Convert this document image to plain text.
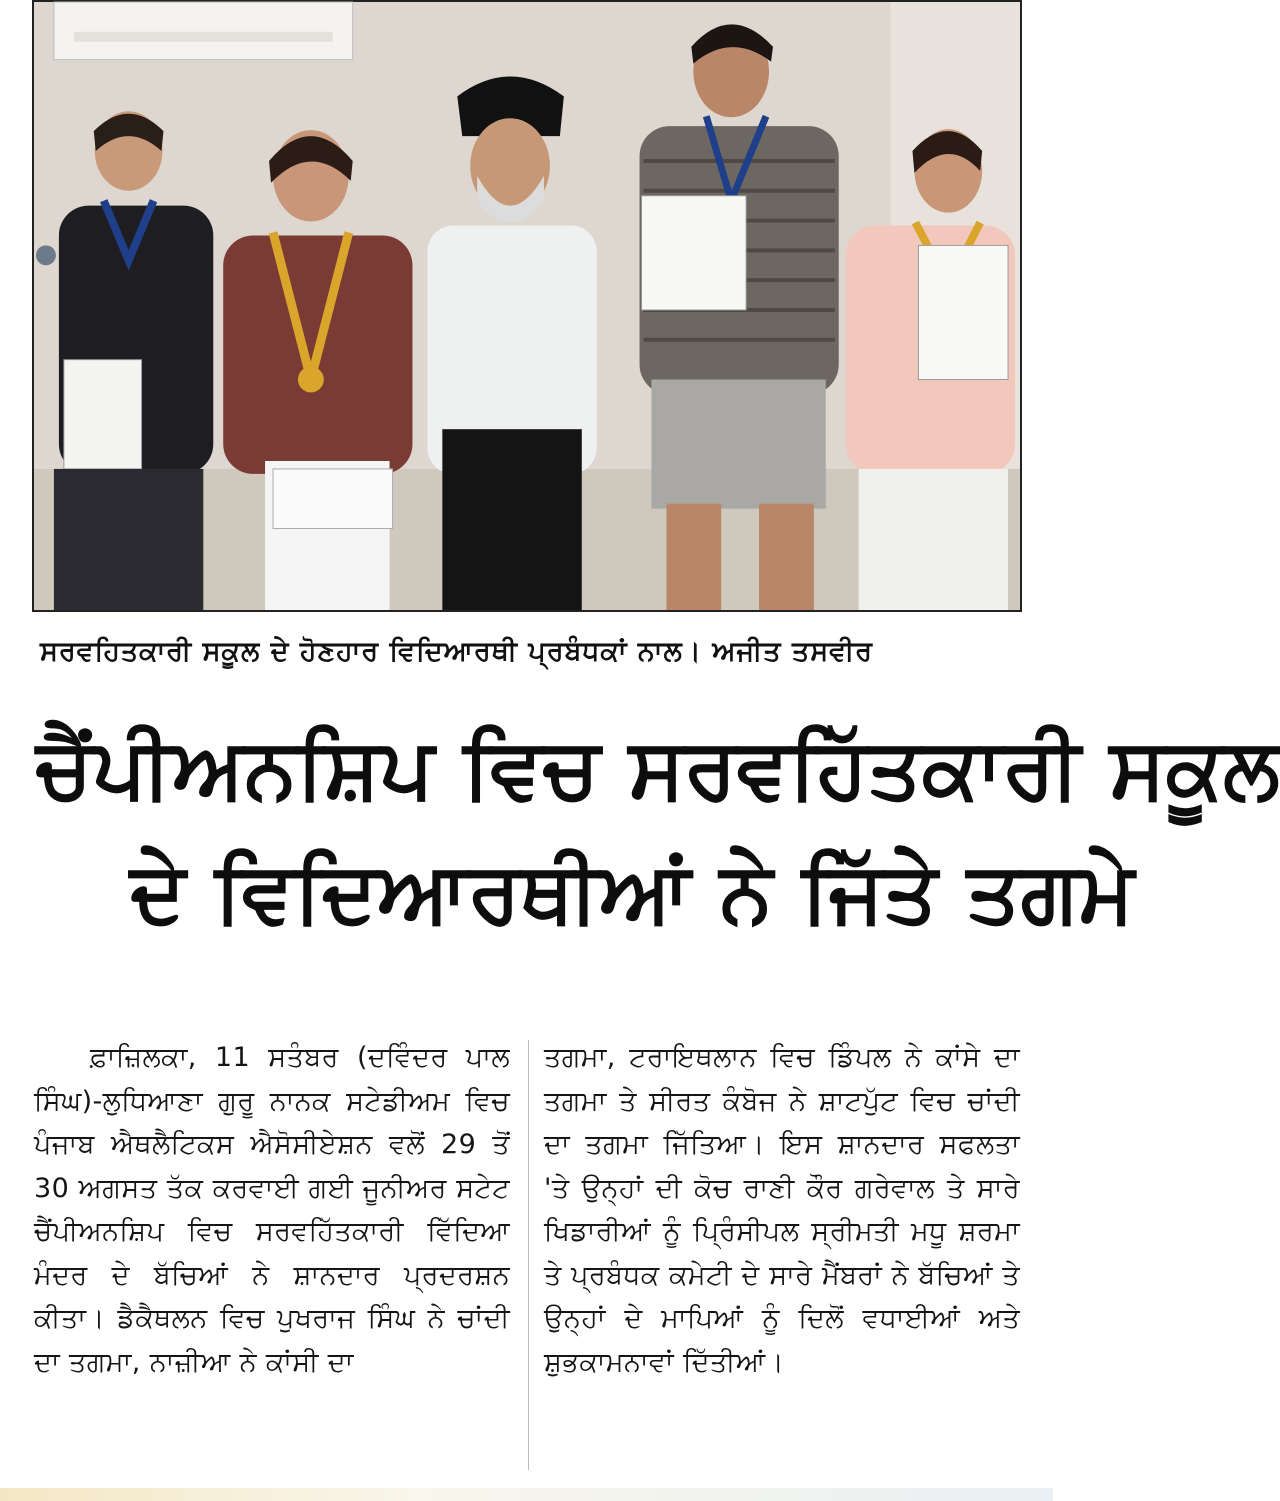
ਸਰਵਹਿਤਕਾਰੀ ਸਕੂਲ ਦੇ ਹੋਣਹਾਰ ਵਿਦਿਆਰਥੀ ਪ੍ਰਬੰਧਕਾਂ ਨਾਲ। ਅਜੀਤ ਤਸਵੀਰ
ਚੈਂਪੀਅਨਸ਼ਿਪ ਵਿਚ ਸਰਵਹਿੱਤਕਾਰੀ ਸਕੂਲ
ਦੇ ਵਿਦਿਆਰਥੀਆਂ ਨੇ ਜਿੱਤੇ ਤਗਮੇ
ਫ਼ਾਜ਼ਿਲਕਾ, 11 ਸਤੰਬਰ (ਦਵਿੰਦਰ ਪਾਲ ਸਿੰਘ)-ਲੁਧਿਆਣਾ ਗੁਰੂ ਨਾਨਕ ਸਟੇਡੀਅਮ ਵਿਚ ਪੰਜਾਬ ਐਥਲੈਟਿਕਸ ਐਸੋਸੀਏਸ਼ਨ ਵਲੋਂ 29 ਤੋਂ 30 ਅਗਸਤ ਤੱਕ ਕਰਵਾਈ ਗਈ ਜੂਨੀਅਰ ਸਟੇਟ ਚੈਂਪੀਅਨਸ਼ਿਪ ਵਿਚ ਸਰਵਹਿੱਤਕਾਰੀ ਵਿੱਦਿਆ ਮੰਦਰ ਦੇ ਬੱਚਿਆਂ ਨੇ ਸ਼ਾਨਦਾਰ ਪ੍ਰਦਰਸ਼ਨ ਕੀਤਾ। ਡੈਕੈਥਲਨ ਵਿਚ ਪੁਖਰਾਜ ਸਿੰਘ ਨੇ ਚਾਂਦੀ ਦਾ ਤਗਮਾ, ਨਾਜ਼ੀਆ ਨੇ ਕਾਂਸੀ ਦਾ
ਤਗਮਾ, ਟਰਾਇਥਲਾਨ ਵਿਚ ਡਿੰਪਲ ਨੇ ਕਾਂਸੇ ਦਾ ਤਗਮਾ ਤੇ ਸੀਰਤ ਕੰਬੋਜ ਨੇ ਸ਼ਾਟਪੁੱਟ ਵਿਚ ਚਾਂਦੀ ਦਾ ਤਗਮਾ ਜਿੱਤਿਆ। ਇਸ ਸ਼ਾਨਦਾਰ ਸਫਲਤਾ 'ਤੇ ਉਨ੍ਹਾਂ ਦੀ ਕੋਚ ਰਾਣੀ ਕੌਰ ਗਰੇਵਾਲ ਤੇ ਸਾਰੇ ਖਿਡਾਰੀਆਂ ਨੂੰ ਪ੍ਰਿੰਸੀਪਲ ਸ੍ਰੀਮਤੀ ਮਧੂ ਸ਼ਰਮਾ ਤੇ ਪ੍ਰਬੰਧਕ ਕਮੇਟੀ ਦੇ ਸਾਰੇ ਮੈਂਬਰਾਂ ਨੇ ਬੱਚਿਆਂ ਤੇ ਉਨ੍ਹਾਂ ਦੇ ਮਾਪਿਆਂ ਨੂੰ ਦਿਲੋਂ ਵਧਾਈਆਂ ਅਤੇ ਸ਼ੁਭਕਾਮਨਾਵਾਂ ਦਿੱਤੀਆਂ।
